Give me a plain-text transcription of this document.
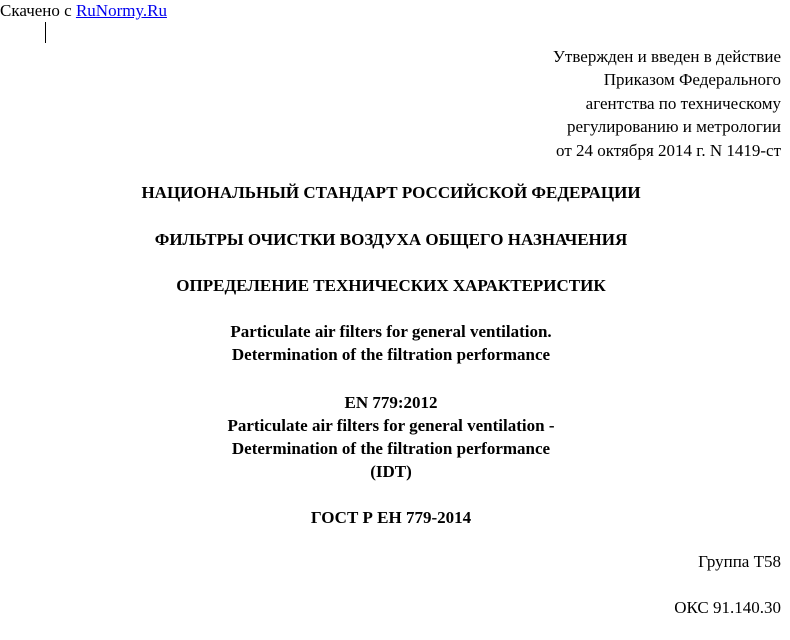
Скачено с RuNormy.Ru
Утвержден и введен в действие
Приказом Федерального
агентства по техническому
регулированию и метрологии
от 24 октября 2014 г. N 1419-ст
НАЦИОНАЛЬНЫЙ СТАНДАРТ РОССИЙСКОЙ ФЕДЕРАЦИИ
ФИЛЬТРЫ ОЧИСТКИ ВОЗДУХА ОБЩЕГО НАЗНАЧЕНИЯ
ОПРЕДЕЛЕНИЕ ТЕХНИЧЕСКИХ ХАРАКТЕРИСТИК
Particulate air filters for general ventilation.
Determination of the filtration performance
EN 779:2012
Particulate air filters for general ventilation -
Determination of the filtration performance
(IDT)
ГОСТ Р ЕН 779-2014
Группа Т58
ОКС 91.140.30
